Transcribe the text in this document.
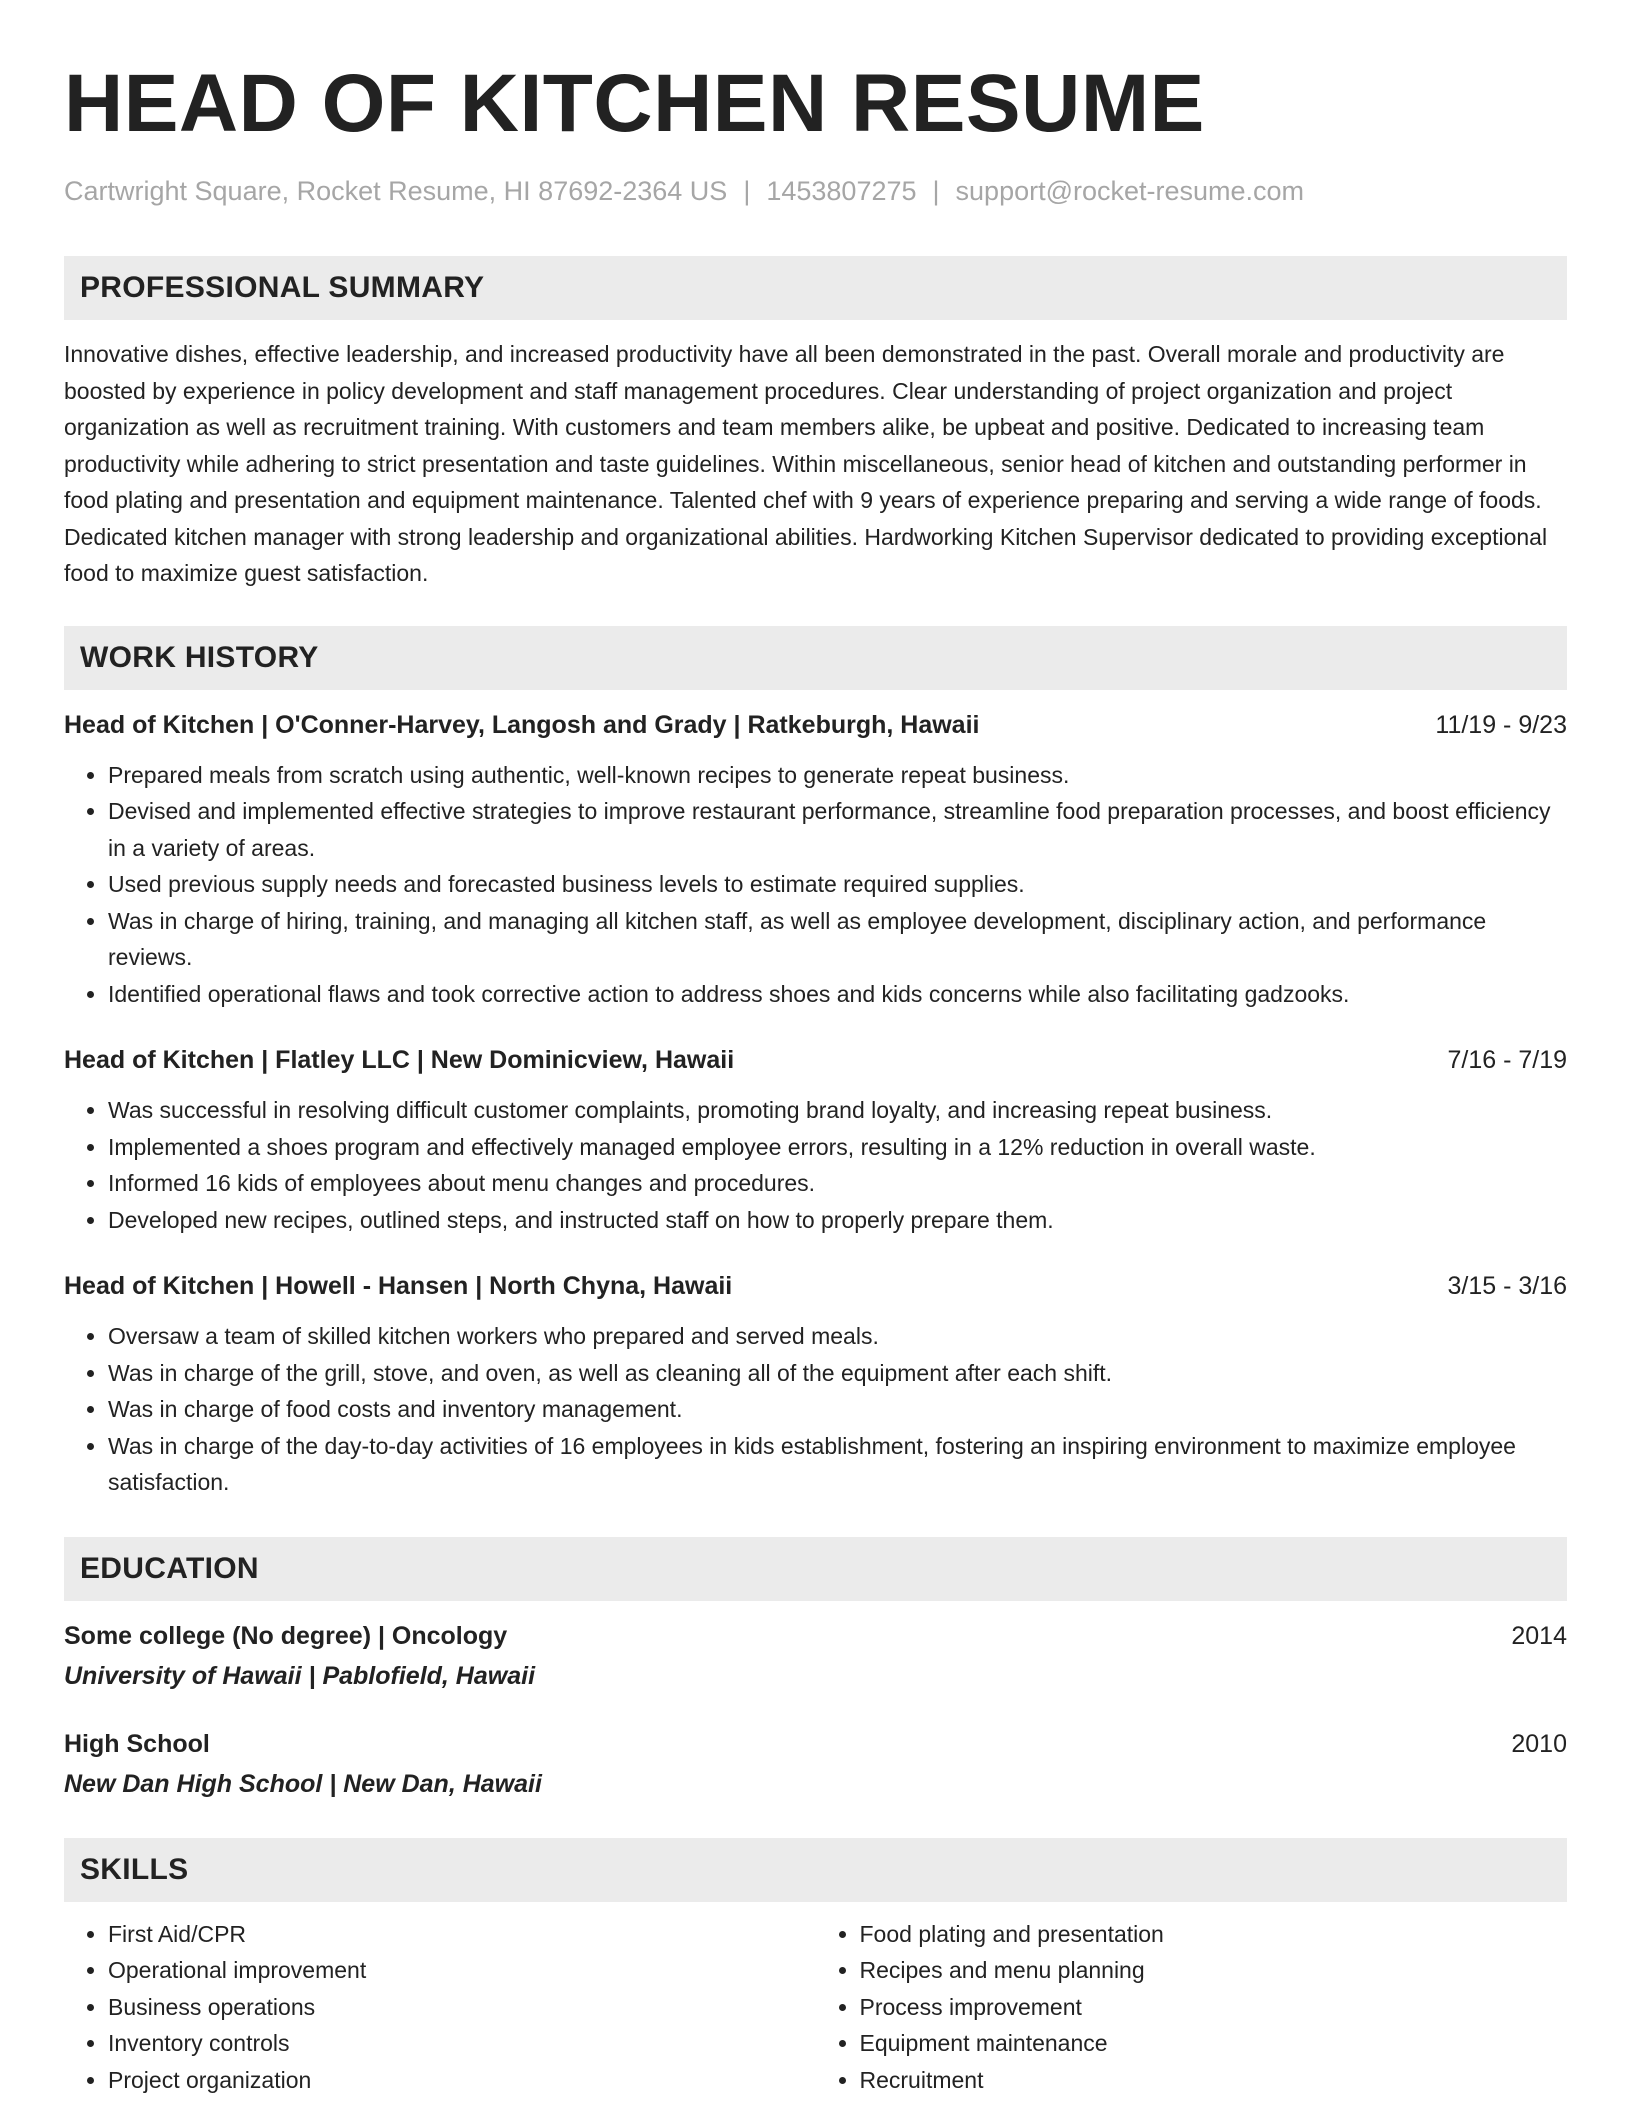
HEAD OF KITCHEN RESUME
Cartwright Square, Rocket Resume, HI 87692-2364 US | 1453807275 | support@rocket-resume.com
PROFESSIONAL SUMMARY
Innovative dishes, effective leadership, and increased productivity have all been demonstrated in the past. Overall morale and productivity are boosted by experience in policy development and staff management procedures. Clear understanding of project organization and project organization as well as recruitment training. With customers and team members alike, be upbeat and positive. Dedicated to increasing team productivity while adhering to strict presentation and taste guidelines. Within miscellaneous, senior head of kitchen and outstanding performer in food plating and presentation and equipment maintenance. Talented chef with 9 years of experience preparing and serving a wide range of foods. Dedicated kitchen manager with strong leadership and organizational abilities. Hardworking Kitchen Supervisor dedicated to providing exceptional food to maximize guest satisfaction.
WORK HISTORY
Head of Kitchen | O'Conner-Harvey, Langosh and Grady | Ratkeburgh, Hawaii	11/19 - 9/23
• Prepared meals from scratch using authentic, well-known recipes to generate repeat business.
• Devised and implemented effective strategies to improve restaurant performance, streamline food preparation processes, and boost efficiency in a variety of areas.
• Used previous supply needs and forecasted business levels to estimate required supplies.
• Was in charge of hiring, training, and managing all kitchen staff, as well as employee development, disciplinary action, and performance reviews.
• Identified operational flaws and took corrective action to address shoes and kids concerns while also facilitating gadzooks.
Head of Kitchen | Flatley LLC | New Dominicview, Hawaii	7/16 - 7/19
• Was successful in resolving difficult customer complaints, promoting brand loyalty, and increasing repeat business.
• Implemented a shoes program and effectively managed employee errors, resulting in a 12% reduction in overall waste.
• Informed 16 kids of employees about menu changes and procedures.
• Developed new recipes, outlined steps, and instructed staff on how to properly prepare them.
Head of Kitchen | Howell - Hansen | North Chyna, Hawaii	3/15 - 3/16
• Oversaw a team of skilled kitchen workers who prepared and served meals.
• Was in charge of the grill, stove, and oven, as well as cleaning all of the equipment after each shift.
• Was in charge of food costs and inventory management.
• Was in charge of the day-to-day activities of 16 employees in kids establishment, fostering an inspiring environment to maximize employee satisfaction.
EDUCATION
Some college (No degree) | Oncology	2014
University of Hawaii | Pablofield, Hawaii
High School	2010
New Dan High School | New Dan, Hawaii
SKILLS
• First Aid/CPR
• Operational improvement
• Business operations
• Inventory controls
• Project organization
• Food plating and presentation
• Recipes and menu planning
• Process improvement
• Equipment maintenance
• Recruitment
